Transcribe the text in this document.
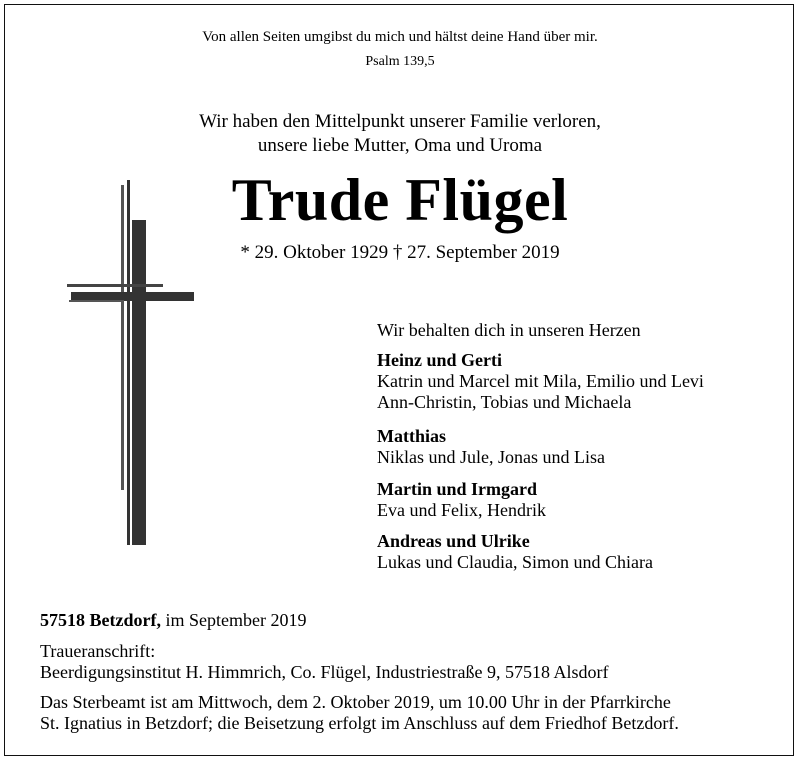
Von allen Seiten umgibst du mich und hältst deine Hand über mir.
Psalm 139,5
Wir haben den Mittelpunkt unserer Familie verloren,
unsere liebe Mutter, Oma und Uroma
Trude Flügel
* 29. Oktober 1929 † 27. September 2019
Wir behalten dich in unseren Herzen
Heinz und Gerti
Katrin und Marcel mit Mila, Emilio und Levi
Ann-Christin, Tobias und Michaela
Matthias
Niklas und Jule, Jonas und Lisa
Martin und Irmgard
Eva und Felix, Hendrik
Andreas und Ulrike
Lukas und Claudia, Simon und Chiara
57518 Betzdorf, im September 2019
Traueranschrift:
Beerdigungsinstitut H. Himmrich, Co. Flügel, Industriestraße 9, 57518 Alsdorf
Das Sterbeamt ist am Mittwoch, dem 2. Oktober 2019, um 10.00 Uhr in der Pfarrkirche
St. Ignatius in Betzdorf; die Beisetzung erfolgt im Anschluss auf dem Friedhof Betzdorf.
